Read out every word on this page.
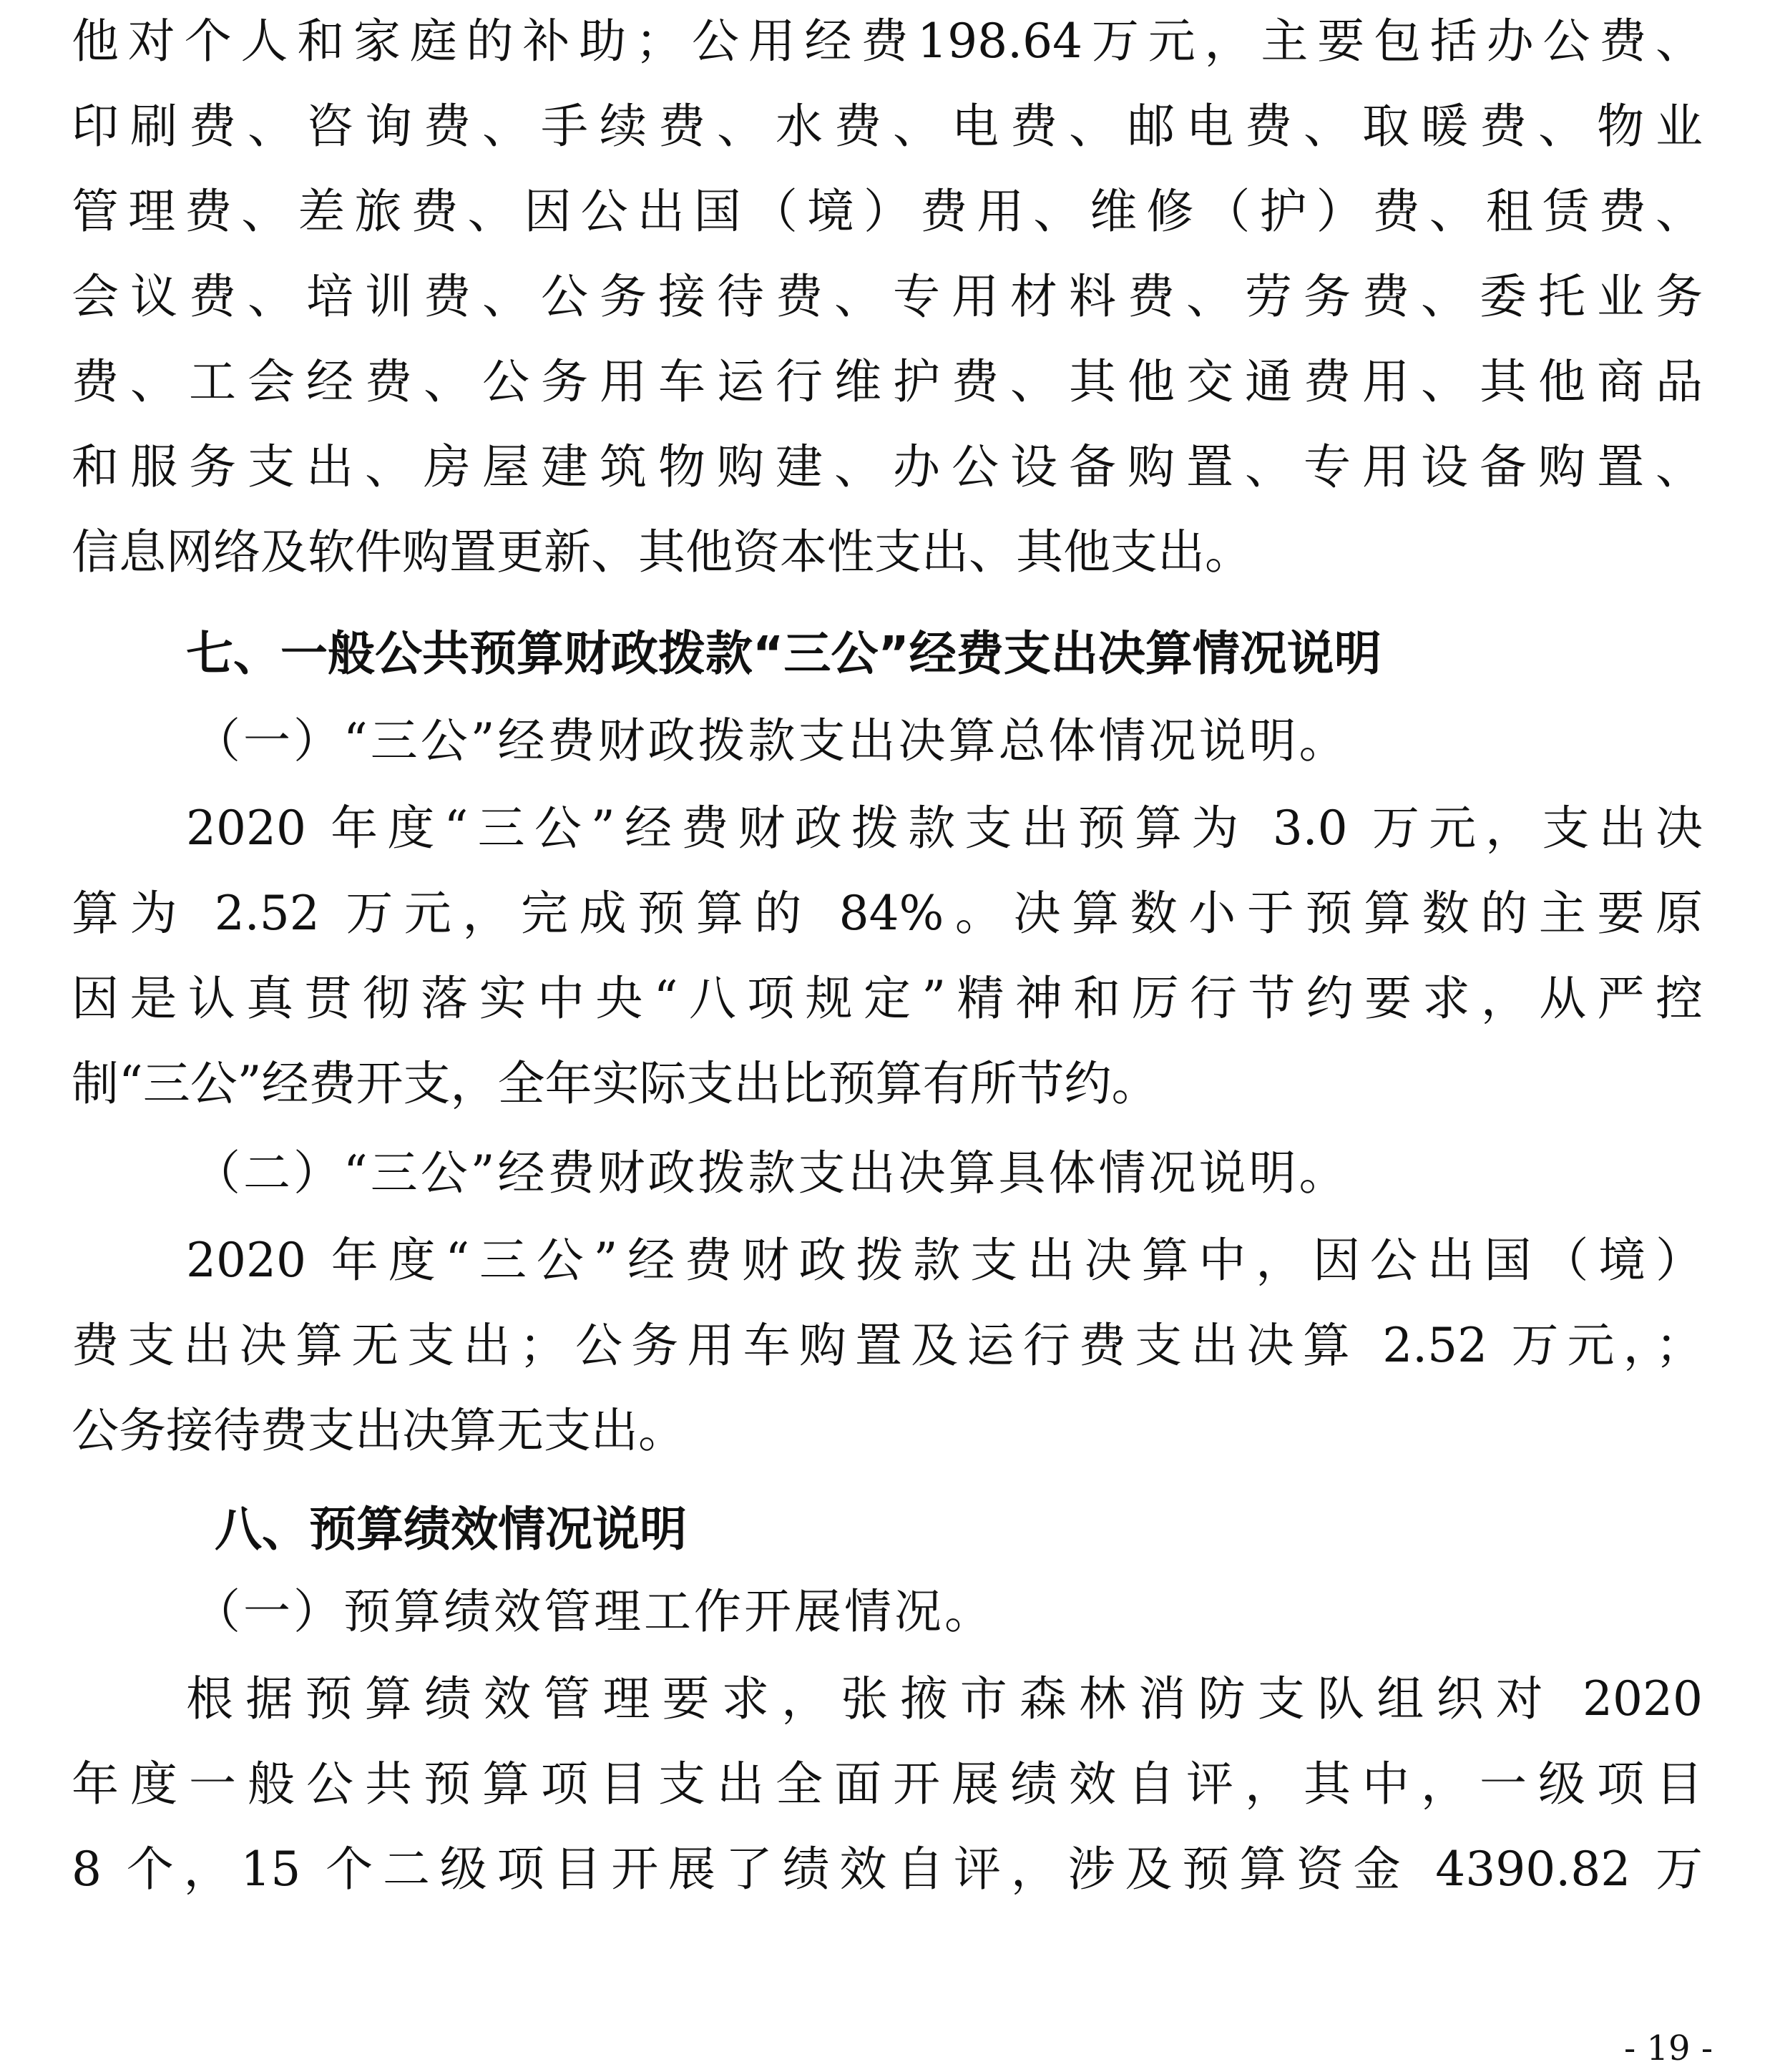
他对个人和家庭的补助；公用经费198.64万元，主要包括办公费、
印刷费、咨询费、手续费、水费、电费、邮电费、取暖费、物业
管理费、差旅费、因公出国（境）费用、维修（护）费、租赁费、
会议费、培训费、公务接待费、专用材料费、劳务费、委托业务
费、工会经费、公务用车运行维护费、其他交通费用、其他商品
和服务支出、房屋建筑物购建、办公设备购置、专用设备购置、
信息网络及软件购置更新、其他资本性支出、其他支出。
七、一般公共预算财政拨款“三公”经费支出决算情况说明
（一）“三公”经费财政拨款支出决算总体情况说明。
2020 年度“三公”经费财政拨款支出预算为 3.0 万元，支出决
算为 2.52 万元，完成预算的 84%。决算数小于预算数的主要原
因是认真贯彻落实中央“八项规定”精神和厉行节约要求，从严控
制“三公”经费开支，全年实际支出比预算有所节约。
（二）“三公”经费财政拨款支出决算具体情况说明。
2020 年度“三公”经费财政拨款支出决算中，因公出国（境）
费支出决算无支出；公务用车购置及运行费支出决算 2.52 万元，；
公务接待费支出决算无支出。
八、预算绩效情况说明
（一）预算绩效管理工作开展情况。
根据预算绩效管理要求，张掖市森林消防支队组织对 2020
年度一般公共预算项目支出全面开展绩效自评，其中，一级项目
8 个，15 个二级项目开展了绩效自评，涉及预算资金 4390.82 万
- 19 -
